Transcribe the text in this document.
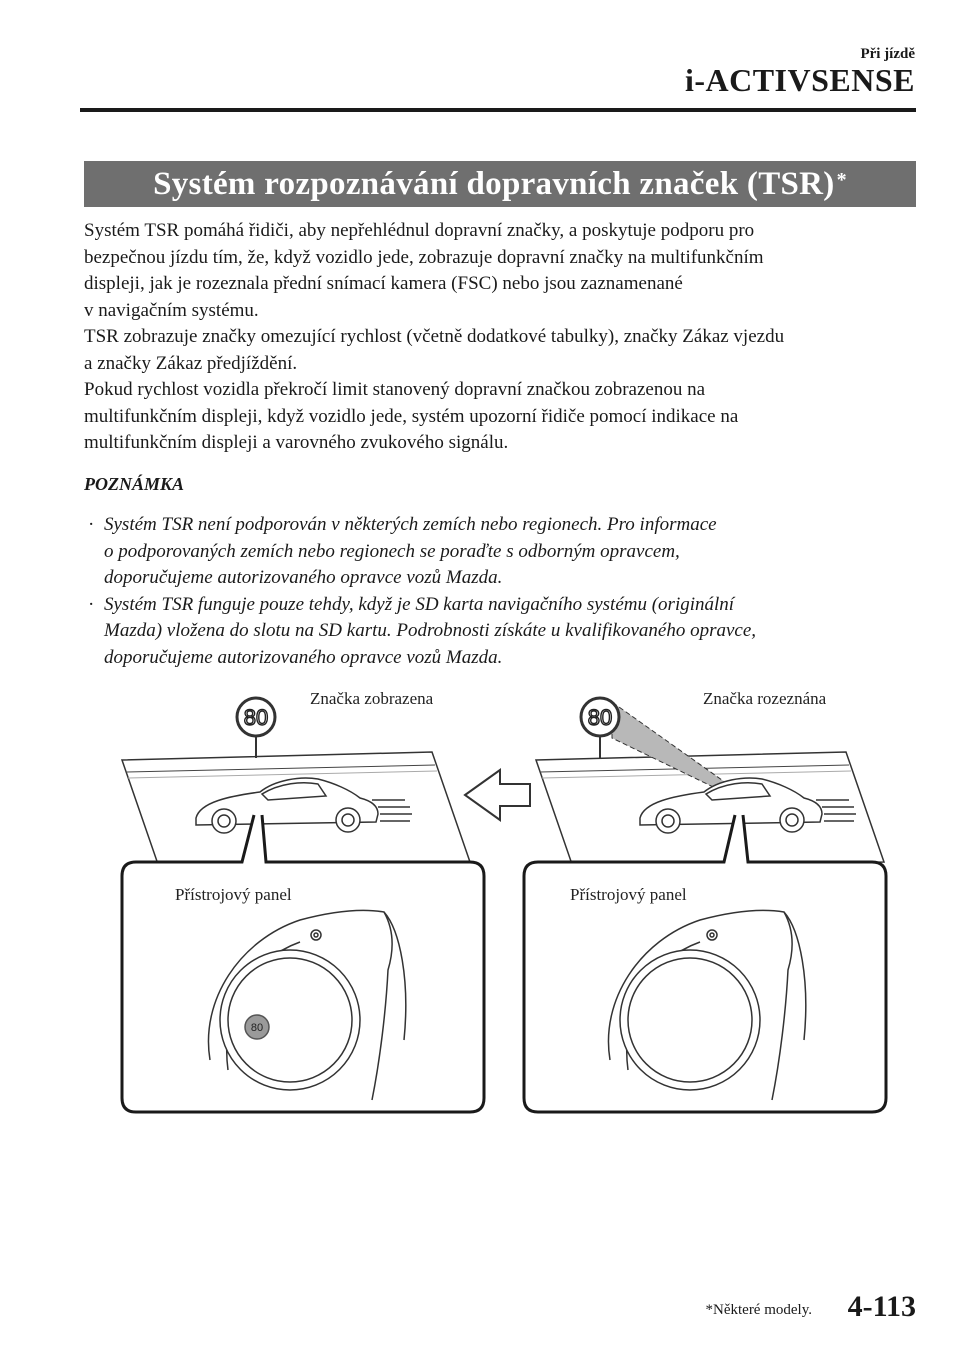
Při jízdě
i-ACTIVSENSE
Systém rozpoznávání dopravních značek (TSR)*

Systém TSR pomáhá řidiči, aby nepřehlédnul dopravní značky, a poskytuje podporu pro
bezpečnou jízdu tím, že, když vozidlo jede, zobrazuje dopravní značky na multifunkčním
displeji, jak je rozeznala přední snímací kamera (FSC) nebo jsou zaznamenané
v navigačním systému.

TSR zobrazuje značky omezující rychlost (včetně dodatkové tabulky), značky Zákaz vjezdu
a značky Zákaz předjíždění.

Pokud rychlost vozidla překročí limit stanovený dopravní značkou zobrazenou na
multifunkčním displeji, když vozidlo jede, systém upozorní řidiče pomocí indikace na
multifunkčním displeji a varovného zvukového signálu.

POZNÁMKA
· Systém TSR není podporován v některých zemích nebo regionech. Pro informace
o podporovaných zemích nebo regionech se poraďte s odborným opravcem,
doporučujeme autorizovaného opravce vozů Mazda.
· Systém TSR funguje pouze tehdy, když je SD karta navigačního systému (originální
Mazda) vložena do slotu na SD kartu. Podrobnosti získáte u kvalifikovaného opravce,
doporučujeme autorizovaného opravce vozů Mazda.
Značka zobrazena
80
Přístrojový panel
80
Značka rozeznána
80
Přístrojový panel
*Některé modely. 4-113
